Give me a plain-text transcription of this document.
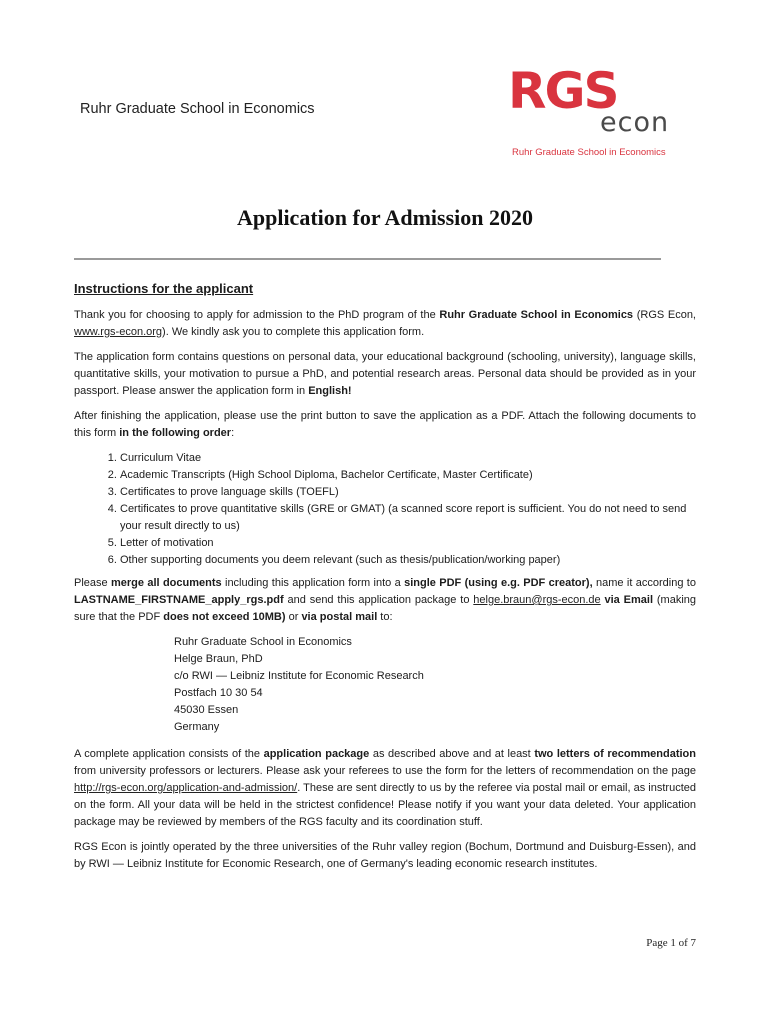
Ruhr Graduate School in Economics	RGS
econ
Ruhr Graduate School in Economics
Application for Admission 2020
Instructions for the applicant

Thank you for choosing to apply for admission to the PhD program of the Ruhr Graduate School in Economics (RGS Econ, www.rgs-econ.org). We kindly ask you to complete this application form.

The application form contains questions on personal data, your educational background (schooling, university), language skills, quantitative skills, your motivation to pursue a PhD, and potential research areas. Personal data should be provided as in your passport. Please answer the application form in English!

After finishing the application, please use the print button to save the application as a PDF. Attach the following documents to this form in the following order:

1. Curriculum Vitae
2. Academic Transcripts (High School Diploma, Bachelor Certificate, Master Certificate)
3. Certificates to prove language skills (TOEFL)
4. Certificates to prove quantitative skills (GRE or GMAT) (a scanned score report is sufficient. You do not need to send your result directly to us)
5. Letter of motivation
6. Other supporting documents you deem relevant (such as thesis/publication/working paper)

Please merge all documents including this application form into a single PDF (using e.g. PDF creator), name it according to LASTNAME_FIRSTNAME_apply_rgs.pdf and send this application package to helge.braun@rgs-econ.de via Email (making sure that the PDF does not exceed 10MB) or via postal mail to:

Ruhr Graduate School in Economics
Helge Braun, PhD
c/o RWI — Leibniz Institute for Economic Research
Postfach 10 30 54
45030 Essen
Germany

A complete application consists of the application package as described above and at least two letters of recommendation from university professors or lecturers. Please ask your referees to use the form for the letters of recommendation on the page http://rgs-econ.org/application-and-admission/. These are sent directly to us by the referee via postal mail or email, as instructed on the form. All your data will be held in the strictest confidence! Please notify if you want your data deleted. Your application package may be reviewed by members of the RGS faculty and its coordination stuff.

RGS Econ is jointly operated by the three universities of the Ruhr valley region (Bochum, Dortmund and Duisburg-Essen), and by RWI — Leibniz Institute for Economic Research, one of Germany's leading economic research institutes.

Page 1 of 7
